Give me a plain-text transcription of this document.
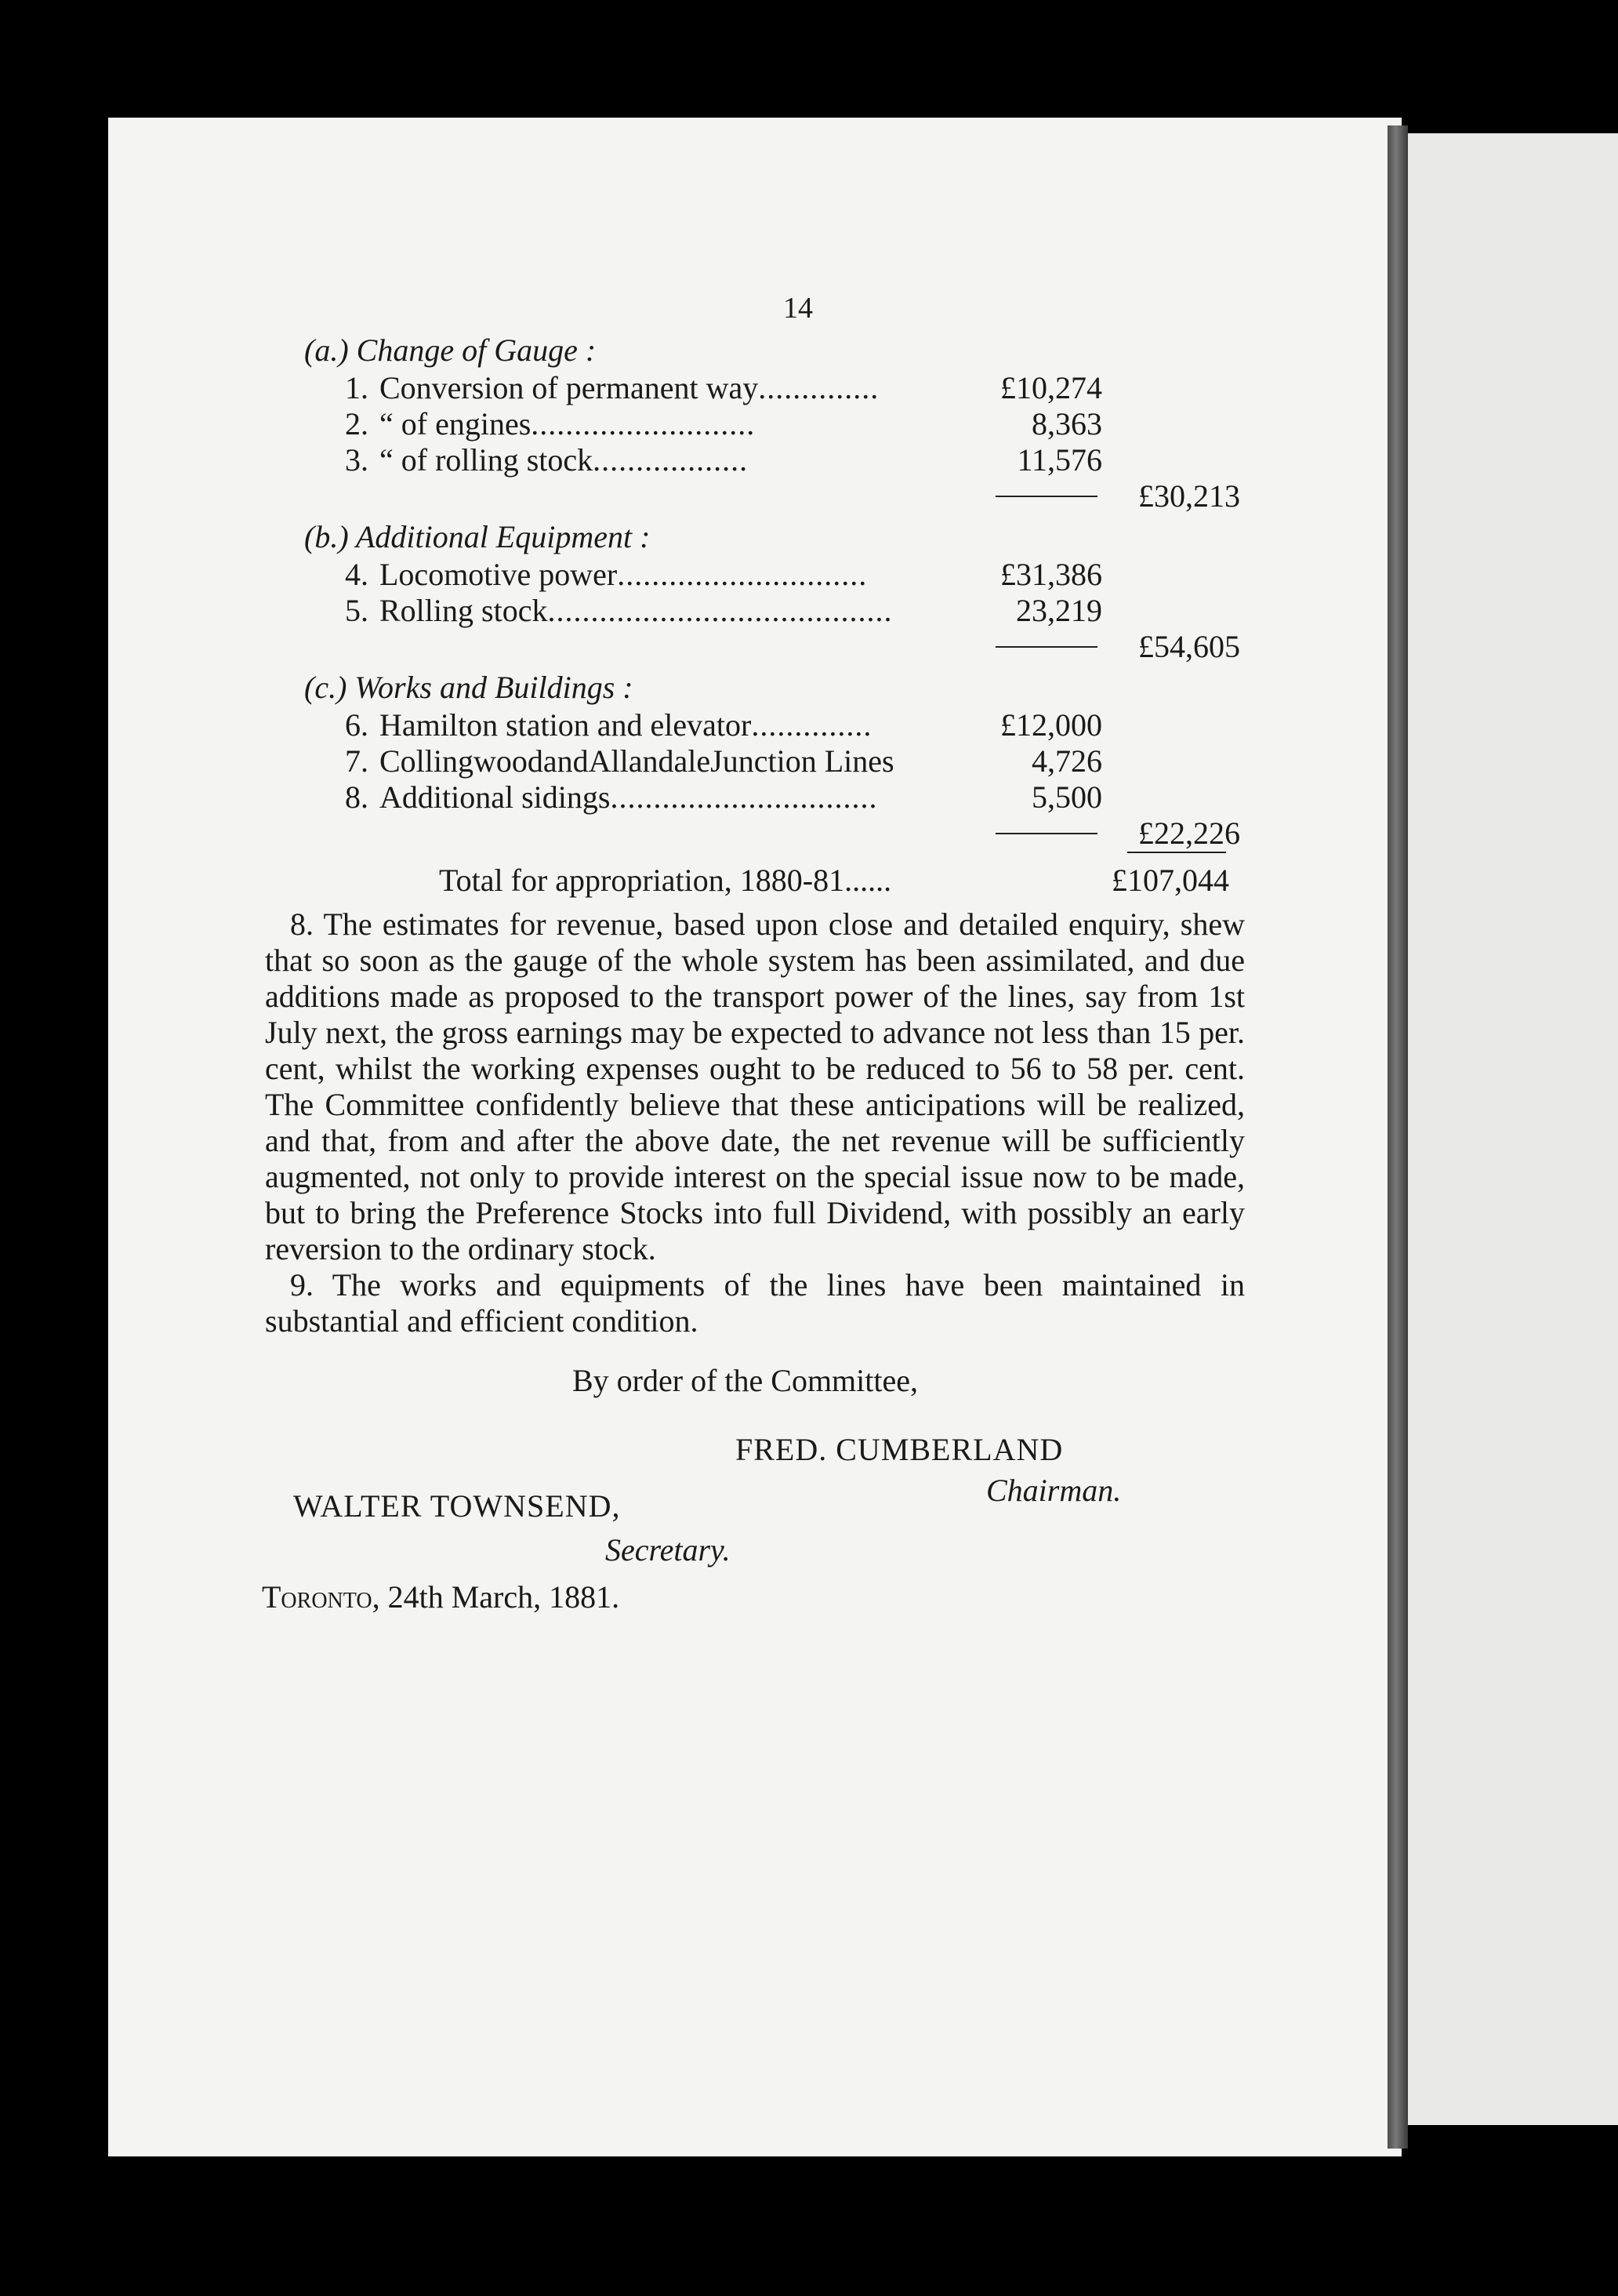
14
(a.) Change of Gauge :
1. Conversion of permanent way..............	£10,274
2. “ of engines..........................	8,363
3. “ of rolling stock..................	11,576
£30,213
(b.) Additional Equipment :
4. Locomotive power.............................	£31,386
5. Rolling stock........................................	23,219
£54,605
(c.) Works and Buildings :
6. Hamilton station and elevator..............	£12,000
7. CollingwoodandAllandaleJunction Lines	4,726
8. Additional sidings...............................	5,500
£22,226
Total for appropriation, 1880-81......	£107,044

8. The estimates for revenue, based upon close and detailed enquiry, shew that so soon as the gauge of the whole system has been assimilated, and due additions made as proposed to the transport power of the lines, say from 1st July next, the gross earnings may be expected to advance not less than 15 per. cent, whilst the working expenses ought to be reduced to 56 to 58 per. cent. The Committee confidently believe that these anticipations will be realized, and that, from and after the above date, the net revenue will be sufficiently augmented, not only to provide interest on the special issue now to be made, but to bring the Preference Stocks into full Dividend, with possibly an early reversion to the ordinary stock.

9. The works and equipments of the lines have been maintained in substantial and efficient condition.

By order of the Committee,
FRED. CUMBERLAND
Chairman.
WALTER TOWNSEND,
Secretary.
Toronto, 24th March, 1881.
